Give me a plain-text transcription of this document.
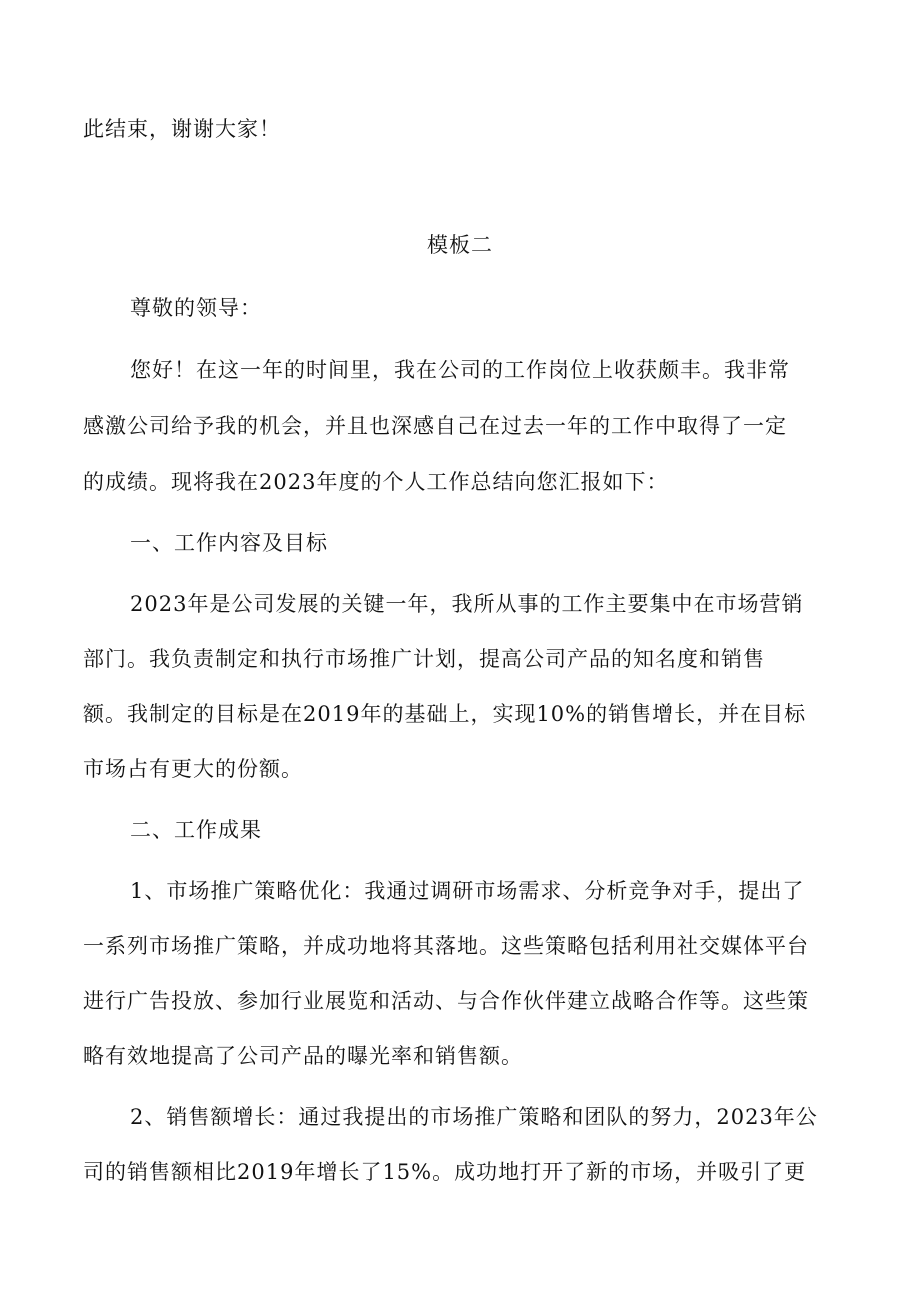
此结束，谢谢大家！
模板二
尊敬的领导：
您好！在这一年的时间里，我在公司的工作岗位上收获颇丰。我非常
感激公司给予我的机会，并且也深感自己在过去一年的工作中取得了一定
的成绩。现将我在2023年度的个人工作总结向您汇报如下：
一、工作内容及目标
2023年是公司发展的关键一年，我所从事的工作主要集中在市场营销
部门。我负责制定和执行市场推广计划，提高公司产品的知名度和销售
额。我制定的目标是在2019年的基础上，实现10%的销售增长，并在目标
市场占有更大的份额。
二、工作成果
1、市场推广策略优化：我通过调研市场需求、分析竞争对手，提出了
一系列市场推广策略，并成功地将其落地。这些策略包括利用社交媒体平台
进行广告投放、参加行业展览和活动、与合作伙伴建立战略合作等。这些策
略有效地提高了公司产品的曝光率和销售额。
2、销售额增长：通过我提出的市场推广策略和团队的努力，2023年公
司的销售额相比2019年增长了15%。成功地打开了新的市场，并吸引了更
